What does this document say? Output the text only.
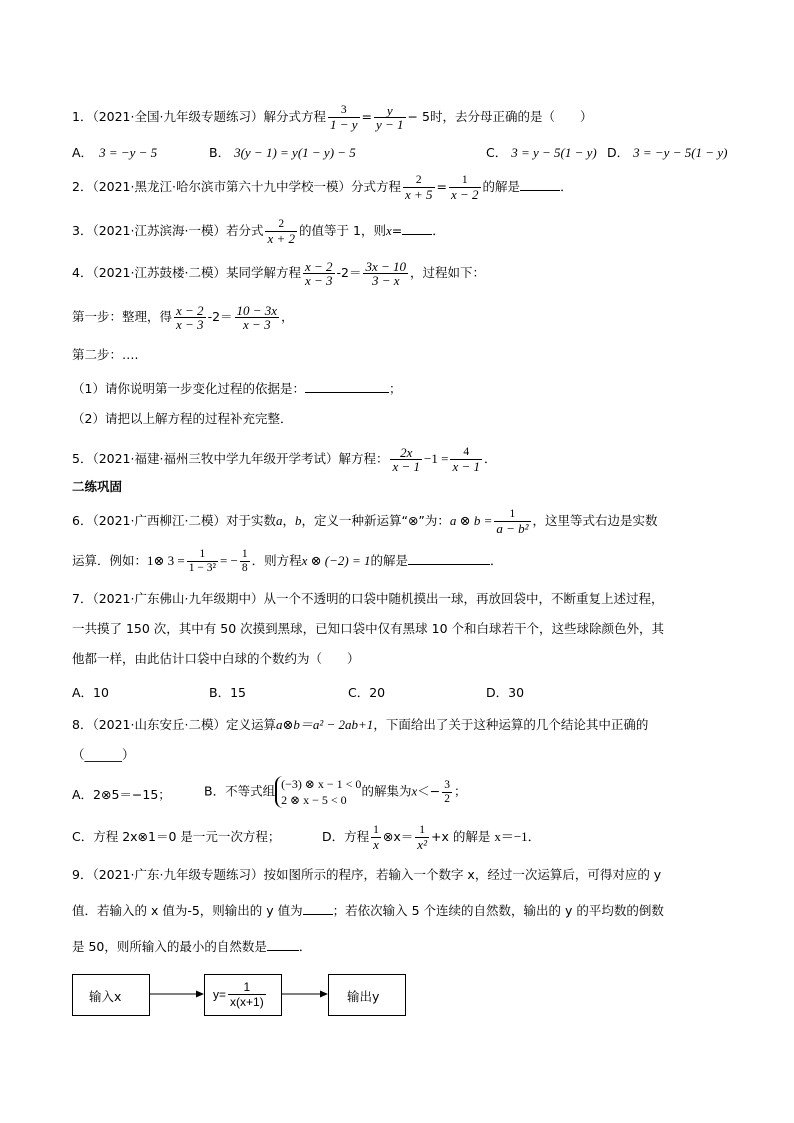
1．（2021·全国·九年级专题练习）解分式方程 $\frac{3}{1 - y} = \frac{y}{y - 1} - 5$时，去分母正确的是（　　）
A． 3 = −y − 5	B． 3(y − 1) = y(1 − y) − 5	C． 3 = y − 5(1 − y) D． 3 = −y − 5(1 − y)
2．（2021·黑龙江·哈尔滨市第六十九中学校一模）分式方程 $\frac{2}{x + 5} = \frac{1}{x - 2}$ 的解是	．
3．（2021·江苏滨海·一模）若分式 $\frac{2}{x + 2}$ 的值等于 1，则x= ．
4．（2021·江苏鼓楼·二模）某同学解方程 $\frac{x - 2}{x - 3} -2= \frac{3x - 10}{3 - x}$ ，过程如下：
第一步：整理，得 $\frac{x - 2}{x - 3} -2= \frac{10 - 3x}{x - 3}$ ，
第二步：….
（1）请你说明第一步变化过程的依据是：	；
（2）请把以上解方程的过程补充完整．
5．（2021·福建·福州三牧中学九年级开学考试）解方程： $\frac{2x}{x - 1} -1 = \frac{4}{x - 1}$ ．
二练巩固
6．（2021·广西柳江·二模）对于实数a，b，定义一种新运算“⊗”为：a ⊗ $b = \frac{1}{\text{a − b²}}$ ，这里等式右边是实数
运算．例如：1⊗ $3 = \frac{1}{\text{1 − 3²}}$ = − $\frac{1}{8}$ ．则方程x ⊗ (−2) = 1的解是	．
7．（2021·广东佛山·九年级期中）从一个不透明的口袋中随机摸出一球，再放回袋中，不断重复上述过程，
一共摸了 150 次，其中有 50 次摸到黑球，已知口袋中仅有黑球 10 个和白球若干个，这些球除颜色外，其
他都一样，由此估计口袋中白球的个数约为（　　）
A．10	B．15	C．20	D．30
8．（2021·山东安丘·二模）定义运算a⊗b＝a² − 2ab+1，下面给出了关于这种运算的几个结论其中正确的
（______）
A．2⊗5＝−15；	B．不等式组 (−3) ⊗ x − 1 < 0
2 ⊗ x − 5 < 0
的解集为$x<- \frac{3}{2}$ ；
C．方程 2x⊗1＝0 是一元一次方程；	D．方程 $\frac{1}{x}$ ⊗x＝ $\frac{1}{\text{x²}} +x$ 的解是 x＝−1．
9．（2021·广东·九年级专题练习）按如图所示的程序，若输入一个数字 x，经过一次运算后，可得对应的 y
值．若输入的 x 值为-5，则输出的 y 值为 ；若依次输入 5 个连续的自然数，输出的 y 的平均数的倒数
是 50，则所输入的最小的自然数是	．
输入x	$y= \frac{1}{x(x+1)}$	输出y
